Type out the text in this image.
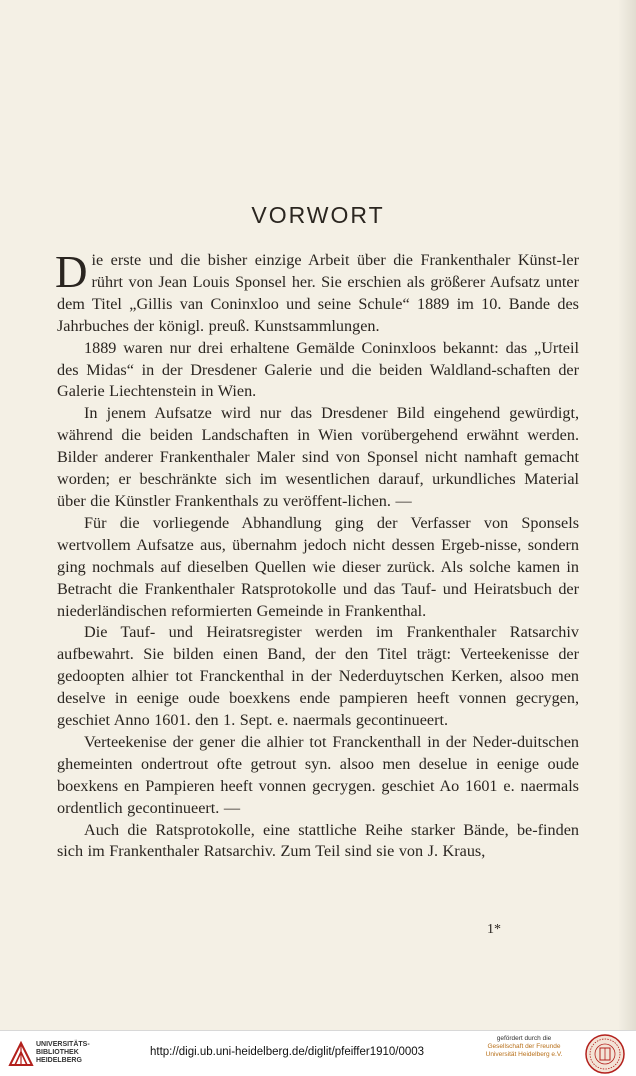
VORWORT

Die erste und die bisher einzige Arbeit über die Frankenthaler Künst-ler rührt von Jean Louis Sponsel her. Sie erschien als größerer Aufsatz unter dem Titel „Gillis van Coninxloo und seine Schule“ 1889 im 10. Bande des Jahrbuches der königl. preuß. Kunstsammlungen.

1889 waren nur drei erhaltene Gemälde Coninxloos bekannt: das „Urteil des Midas“ in der Dresdener Galerie und die beiden Waldland-schaften der Galerie Liechtenstein in Wien.

In jenem Aufsatze wird nur das Dresdener Bild eingehend gewürdigt, während die beiden Landschaften in Wien vorübergehend erwähnt werden. Bilder anderer Frankenthaler Maler sind von Sponsel nicht namhaft gemacht worden; er beschränkte sich im wesentlichen darauf, urkundliches Material über die Künstler Frankenthals zu veröffent-lichen. —

Für die vorliegende Abhandlung ging der Verfasser von Sponsels wertvollem Aufsatze aus, übernahm jedoch nicht dessen Ergeb-nisse, sondern ging nochmals auf dieselben Quellen wie dieser zurück. Als solche kamen in Betracht die Frankenthaler Ratsprotokolle und das Tauf- und Heiratsbuch der niederländischen reformierten Gemeinde in Frankenthal.

Die Tauf- und Heiratsregister werden im Frankenthaler Ratsarchiv aufbewahrt. Sie bilden einen Band, der den Titel trägt: Verteekenisse der gedoopten alhier tot Franckenthal in der Nederduytschen Kerken, alsoo men deselve in eenige oude boexkens ende pampieren heeft vonnen gecrygen, geschiet Anno 1601. den 1. Sept. e. naermals gecontinueert.

Verteekenise der gener die alhier tot Franckenthall in der Neder-duitschen ghemeinten ondertrout ofte getrout syn. alsoo men deselue in eenige oude boexkens en Pampieren heeft vonnen gecrygen. geschiet Ao 1601 e. naermals ordentlich gecontinueert. —

Auch die Ratsprotokolle, eine stattliche Reihe starker Bände, be-finden sich im Frankenthaler Ratsarchiv. Zum Teil sind sie von J. Kraus,

1*
UNIVERSITÄTS-
BIBLIOTHEK
HEIDELBERG
http://digi.ub.uni-heidelberg.de/diglit/pfeiffer1910/0003
gefördert durch die
Gesellschaft der Freunde
Universität Heidelberg e.V.
